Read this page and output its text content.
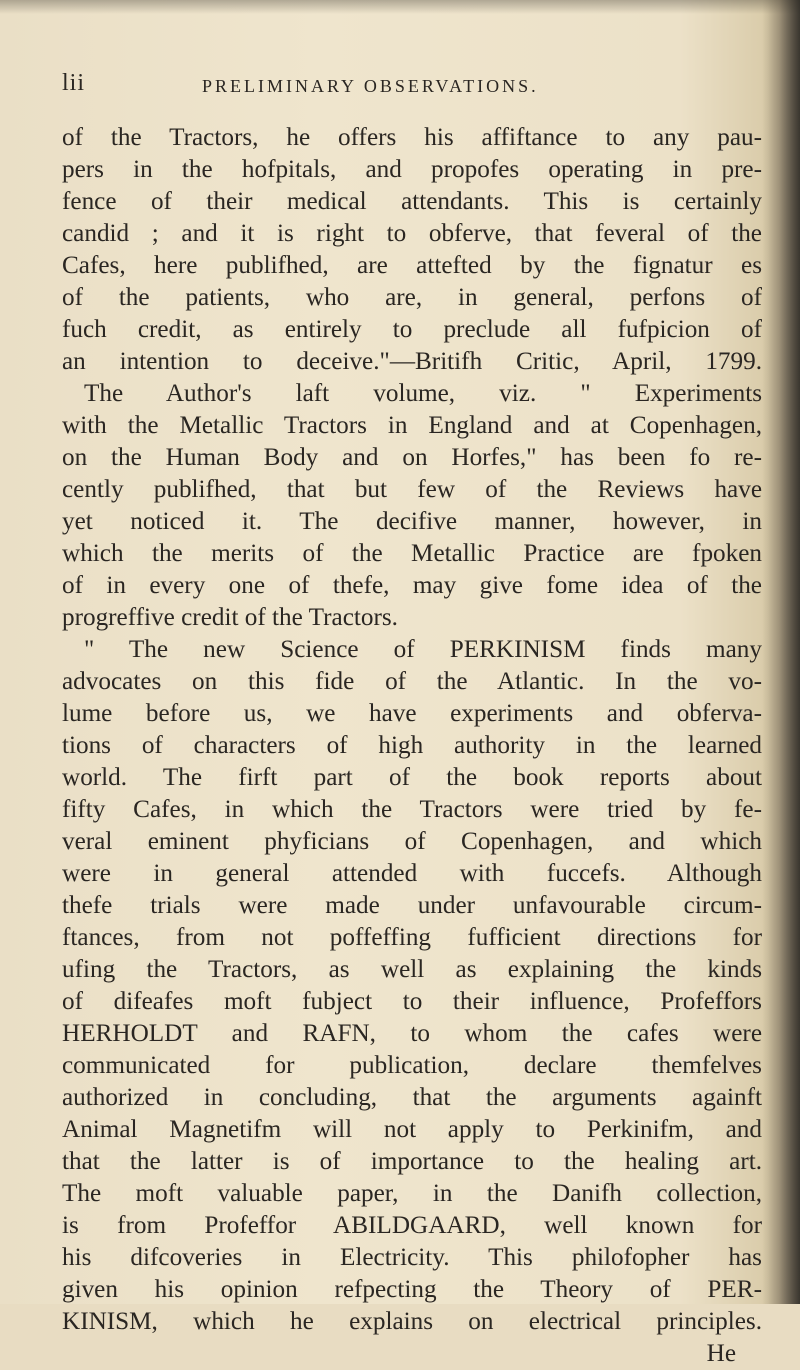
lii	PRELIMINARY OBSERVATIONS.
of the Tractors, he offers his affiftance to any pau-
pers in the hofpitals, and propofes operating in pre-
fence of their medical attendants. This is certainly
candid ; and it is right to obferve, that feveral of the
Cafes, here publifhed, are attefted by the fignatur es
of the patients, who are, in general, perfons of
fuch credit, as entirely to preclude all fufpicion of
an intention to deceive."—Britifh Critic, April, 1799.
The Author's laft volume, viz. " Experiments
with the Metallic Tractors in England and at Copenhagen,
on the Human Body and on Horfes," has been fo re-
cently publifhed, that but few of the Reviews have
yet noticed it. The decifive manner, however, in
which the merits of the Metallic Practice are fpoken
of in every one of thefe, may give fome idea of the
progreffive credit of the Tractors.
" The new Science of PERKINISM finds many
advocates on this fide of the Atlantic. In the vo-
lume before us, we have experiments and obferva-
tions of characters of high authority in the learned
world. The firft part of the book reports about
fifty Cafes, in which the Tractors were tried by fe-
veral eminent phyficians of Copenhagen, and which
were in general attended with fuccefs. Although
thefe trials were made under unfavourable circum-
ftances, from not poffeffing fufficient directions for
ufing the Tractors, as well as explaining the kinds
of difeafes moft fubject to their influence, Profeffors
HERHOLDT and RAFN, to whom the cafes were
communicated for publication, declare themfelves
authorized in concluding, that the arguments againft
Animal Magnetifm will not apply to Perkinifm, and
that the latter is of importance to the healing art.
The moft valuable paper, in the Danifh collection,
is from Profeffor ABILDGAARD, well known for
his difcoveries in Electricity. This philofopher has
given his opinion refpecting the Theory of PER-
KINISM, which he explains on electrical principles.
He
